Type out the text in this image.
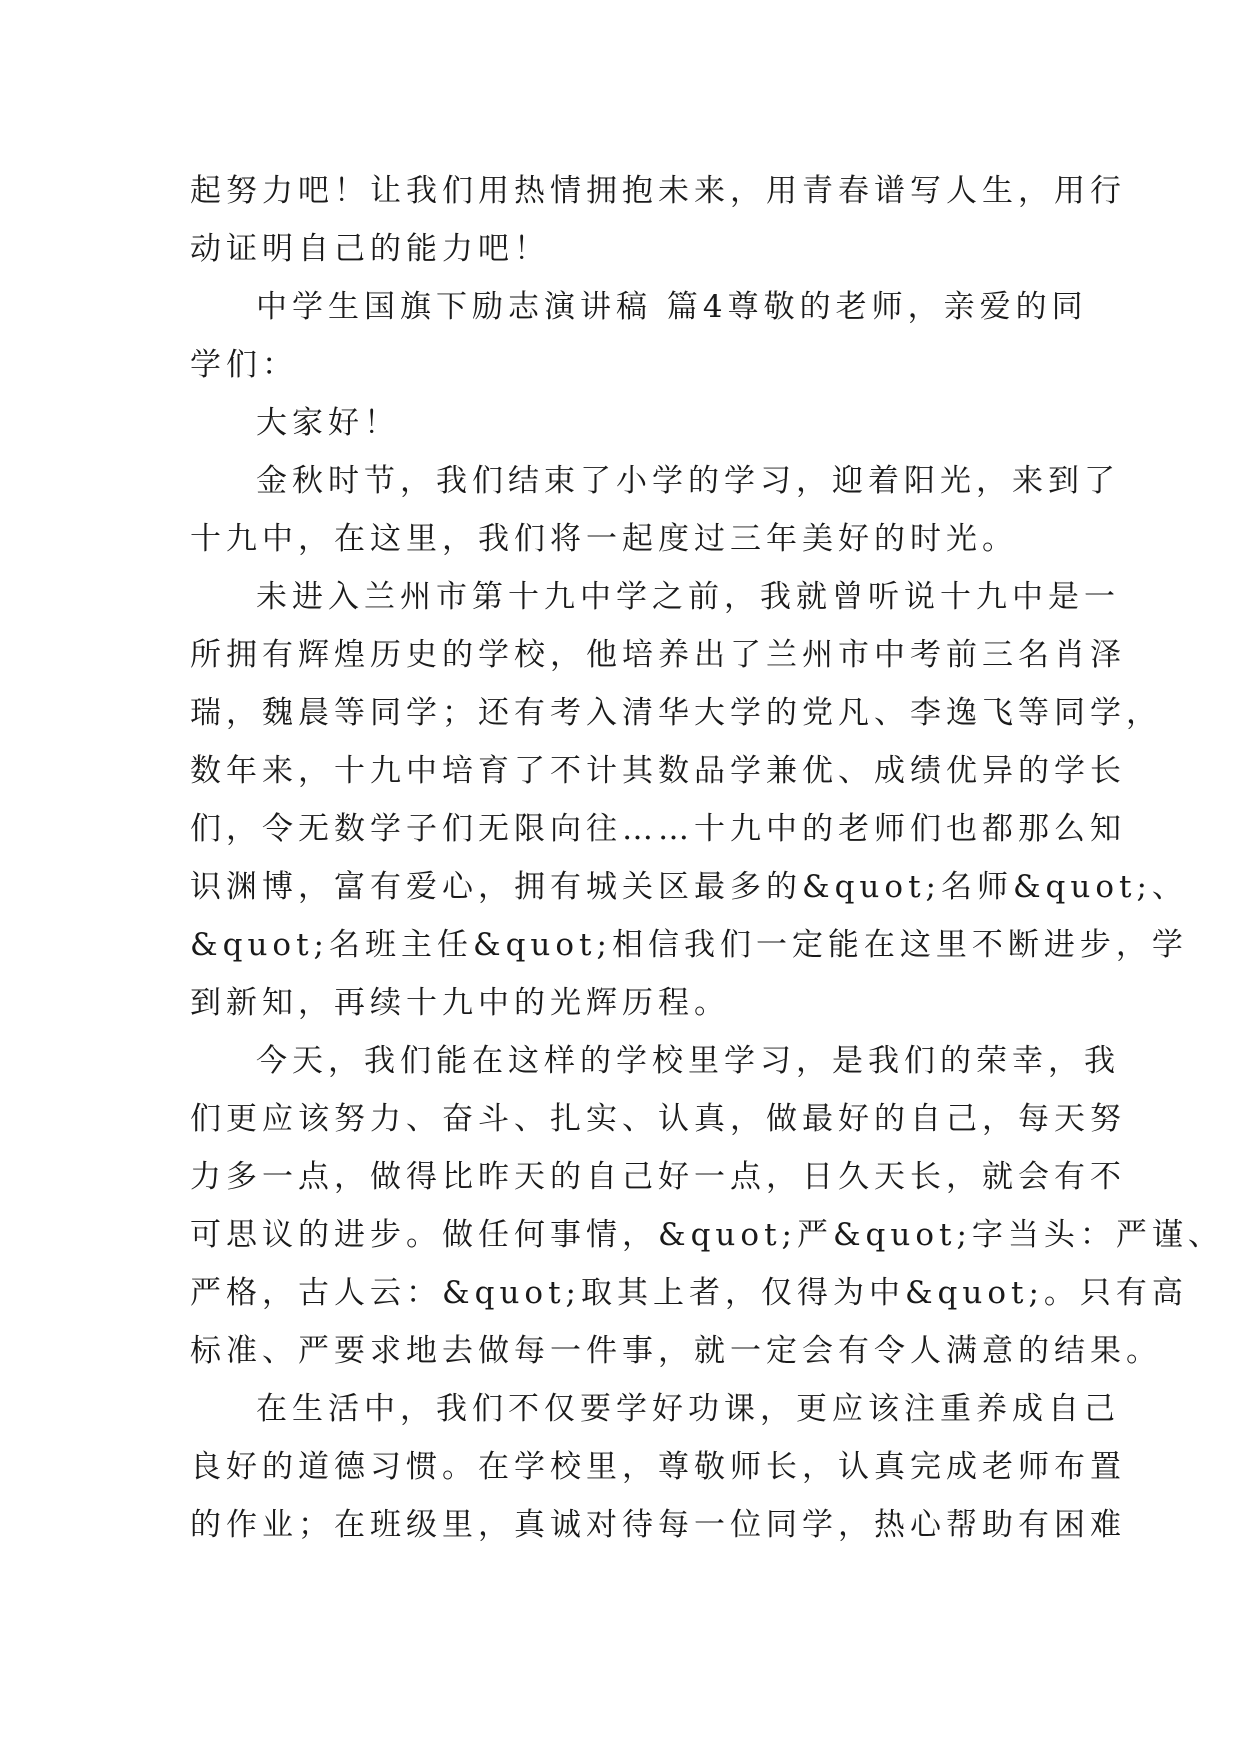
起努力吧！让我们用热情拥抱未来，用青春谱写人生，用行
动证明自己的能力吧！
中学生国旗下励志演讲稿 篇4尊敬的老师，亲爱的同
学们：
大家好！
金秋时节，我们结束了小学的学习，迎着阳光，来到了
十九中，在这里，我们将一起度过三年美好的时光。
未进入兰州市第十九中学之前，我就曾听说十九中是一
所拥有辉煌历史的学校，他培养出了兰州市中考前三名肖泽
瑞，魏晨等同学；还有考入清华大学的党凡、李逸飞等同学，
数年来，十九中培育了不计其数品学兼优、成绩优异的学长
们，令无数学子们无限向往……十九中的老师们也都那么知
识渊博，富有爱心，拥有城关区最多的&quot;名师&quot;、
&quot;名班主任&quot;相信我们一定能在这里不断进步，学
到新知，再续十九中的光辉历程。
今天，我们能在这样的学校里学习，是我们的荣幸，我
们更应该努力、奋斗、扎实、认真，做最好的自己，每天努
力多一点，做得比昨天的自己好一点，日久天长，就会有不
可思议的进步。做任何事情，&quot;严&quot;字当头：严谨、
严格，古人云：&quot;取其上者，仅得为中&quot;。只有高
标准、严要求地去做每一件事，就一定会有令人满意的结果。
在生活中，我们不仅要学好功课，更应该注重养成自己
良好的道德习惯。在学校里，尊敬师长，认真完成老师布置
的作业；在班级里，真诚对待每一位同学，热心帮助有困难
